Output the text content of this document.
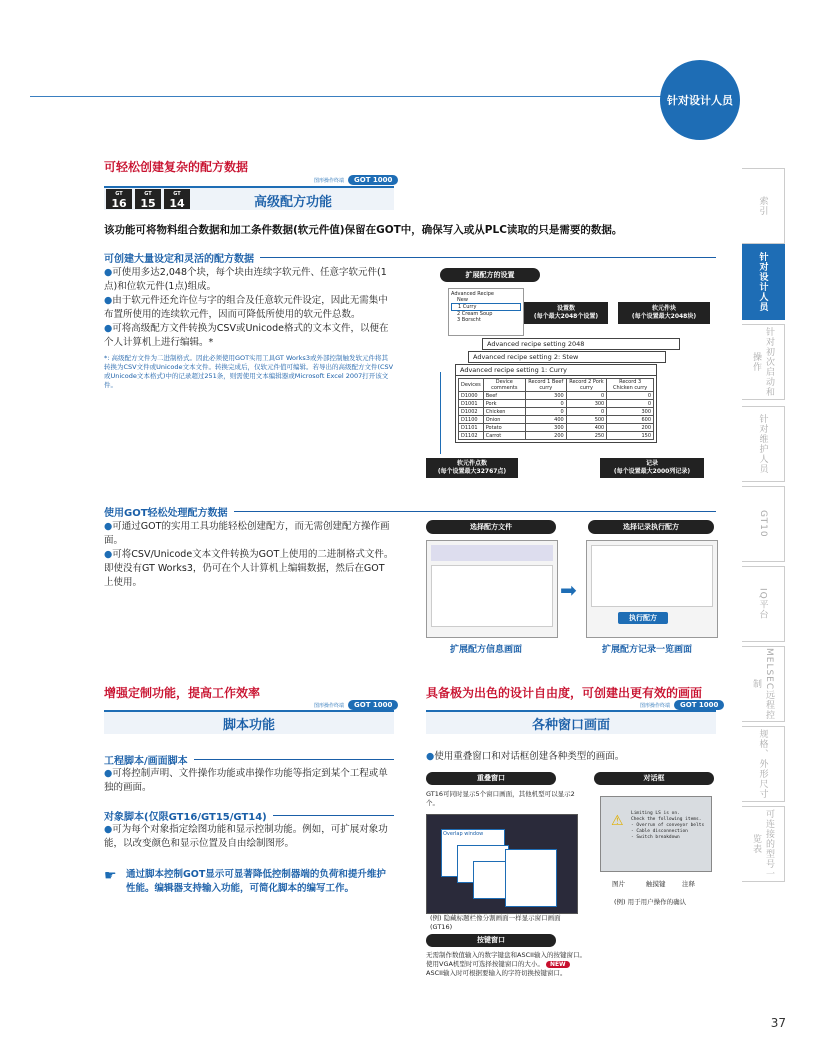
针对设计人员
索引
针对设计人员
针对初次启动和操作
针对维护人员
GT10
IQ平台
MELSEC远程控制
规格、外形尺寸
可连接的型号一览表
可轻松创建复杂的配方数据
图形操作终端	GOT 1000
GT
16
GT
15
GT
14	高级配方功能
该功能可将物料组合数据和加工条件数据(软元件值)保留在GOT中，确保写入或从PLC读取的只是需要的数据。
可创建大量设定和灵活的配方数据
●可使用多达2,048个块，每个块由连续字软元件、任意字软元件(1点)和位软元件(1点)组成。
●由于软元件还允许位与字的组合及任意软元件设定，因此无需集中布置所使用的连续软元件，因而可降低所使用的软元件总数。
●可将高级配方文件转换为CSV或Unicode格式的文本文件，以便在个人计算机上进行编辑。*
*: 高级配方文件为二进制格式。因此必须使用GOT实用工具GT Works3或外部控制触发软元件将其转换为CSV文件或Unicode文本文件。转换完成后，仅软元件值可编辑。若导出的高级配方文件(CSV或Unicode文本格式)中的记录超过251条，则需使用文本编辑器或Microsoft Excel 2007打开该文件。
扩展配方的设置
Advanced Recipe
New
1 Curry
2 Cream Soup
3 Borscht
设置数
(每个最大2048个设置)
软元件块
(每个设置最大2048块)
Advanced recipe setting 2048
Advanced recipe setting 2: Stew
Advanced recipe setting 1: Curry
Devices	Device comments	Record 1 Beef curry	Record 2 Pork curry	Record 3 Chicken curry
D1000	Beef	300	0	0
D1001	Pork	0	300	0
D1002	Chicken	0	0	300
D1100	Onion	400	500	600
D1101	Potato	300	400	200
D1102	Carrot	200	250	150
软元件点数
(每个设置最大32767点)
记录
(每个设置最大2000列记录)
使用GOT轻松处理配方数据
●可通过GOT的实用工具功能轻松创建配方，而无需创建配方操作画面。
●可将CSV/Unicode文本文件转换为GOT上使用的二进制格式文件。即使没有GT Works3，仍可在个人计算机上编辑数据，然后在GOT上使用。
选择配方文件	选择记录执行配方
➡
执行配方
扩展配方信息画面	扩展配方记录一览画面
增强定制功能，提高工作效率
图形操作终端	GOT 1000
脚本功能
工程脚本/画面脚本
●可将控制声明、文件操作功能或串操作功能等指定到某个工程或单独的画面。
对象脚本(仅限GT16/GT15/GT14)
●可为每个对象指定绘图功能和显示控制功能。例如，可扩展对象功能，以改变颜色和显示位置及自由绘制图形。
☛ 通过脚本控制GOT显示可显著降低控制器端的负荷和提升维护性能。编辑器支持输入功能，可简化脚本的编写工作。
具备极为出色的设计自由度，可创建出更有效的画面
图形操作终端	GOT 1000
各种窗口画面
●使用重叠窗口和对话框创建各种类型的画面。
重叠窗口
GT16可同时显示5个窗口画面，其他机型可以显示2个。
Overlap window
(例) 隐藏标题栏像分割画面一样显示窗口画面 (GT16)
对话框
⚠ Limiting LS is on.
Check the following items.
- Overrun of conveyor belts
- Cable disconnection
- Switch breakdown
图片	触摸键	注释
(例) 用于用户操作的确认
按键窗口
无需制作数值输入的数字键盘和ASCII输入的按键窗口。
使用VGA机型时可选择按键窗口的大小。 NEW
ASCII输入时可根据要输入的字符切换按键窗口。
37
